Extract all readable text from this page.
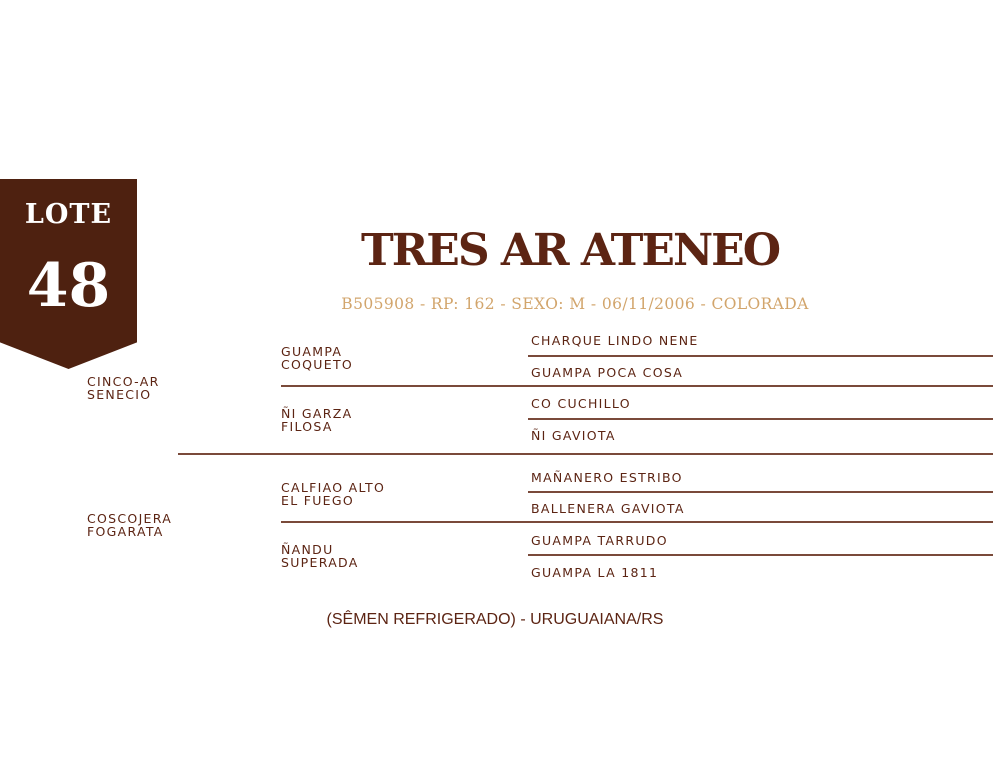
LOTE
48
TRES AR ATENEO
B505908 - RP: 162 - SEXO: M - 06/11/2006 - COLORADA
CINCO-AR
SENECIO
COSCOJERA
FOGARATA
GUAMPA
COQUETO
ÑI GARZA
FILOSA
CALFIAO ALTO
EL FUEGO
ÑANDU
SUPERADA
CHARQUE LINDO NENE
GUAMPA POCA COSA
CO CUCHILLO
ÑI GAVIOTA
MAÑANERO ESTRIBO
BALLENERA GAVIOTA
GUAMPA TARRUDO
GUAMPA LA 1811
(SÊMEN REFRIGERADO) - URUGUAIANA/RS
